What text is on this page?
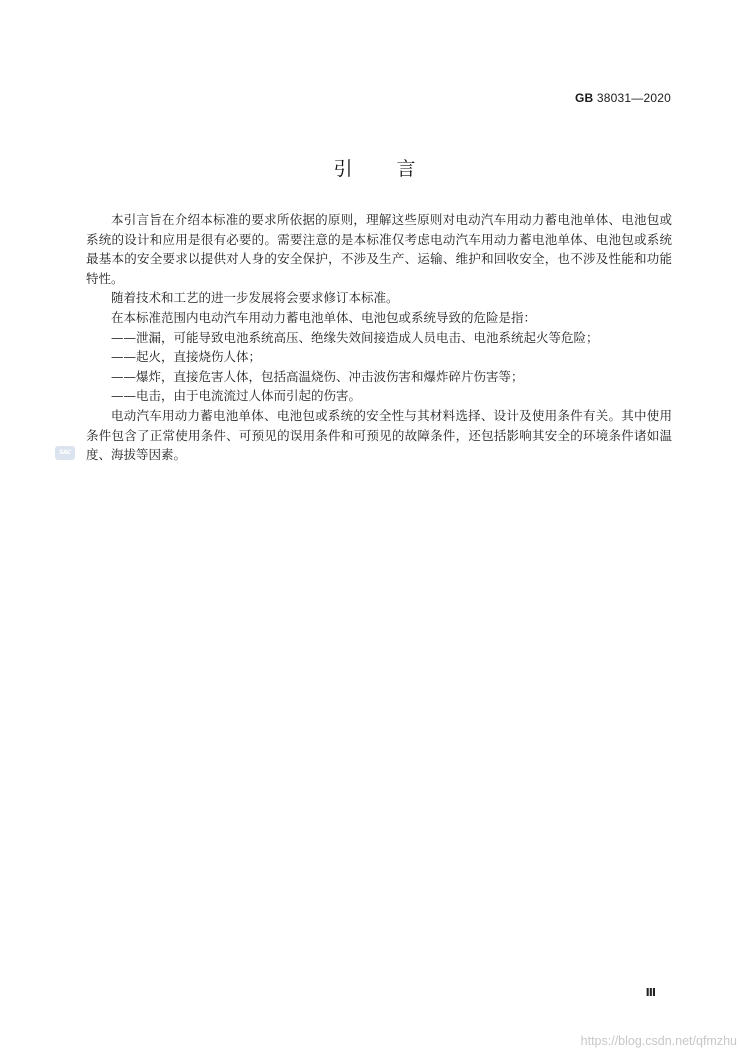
GB 38031—2020
引言

本引言旨在介绍本标准的要求所依据的原则，理解这些原则对电动汽车用动力蓄电池单体、电池包或系统的设计和应用是很有必要的。需要注意的是本标准仅考虑电动汽车用动力蓄电池单体、电池包或系统最基本的安全要求以提供对人身的安全保护，不涉及生产、运输、维护和回收安全，也不涉及性能和功能特性。

随着技术和工艺的进一步发展将会要求修订本标准。

在本标准范围内电动汽车用动力蓄电池单体、电池包或系统导致的危险是指：

——泄漏，可能导致电池系统高压、绝缘失效间接造成人员电击、电池系统起火等危险；

——起火，直接烧伤人体；

——爆炸，直接危害人体，包括高温烧伤、冲击波伤害和爆炸碎片伤害等；

——电击，由于电流流过人体而引起的伤害。

电动汽车用动力蓄电池单体、电池包或系统的安全性与其材料选择、设计及使用条件有关。其中使用条件包含了正常使用条件、可预见的误用条件和可预见的故障条件，还包括影响其安全的环境条件诸如温度、海拔等因素。

SAC
Ⅲ
https://blog.csdn.net/qfmzhu
